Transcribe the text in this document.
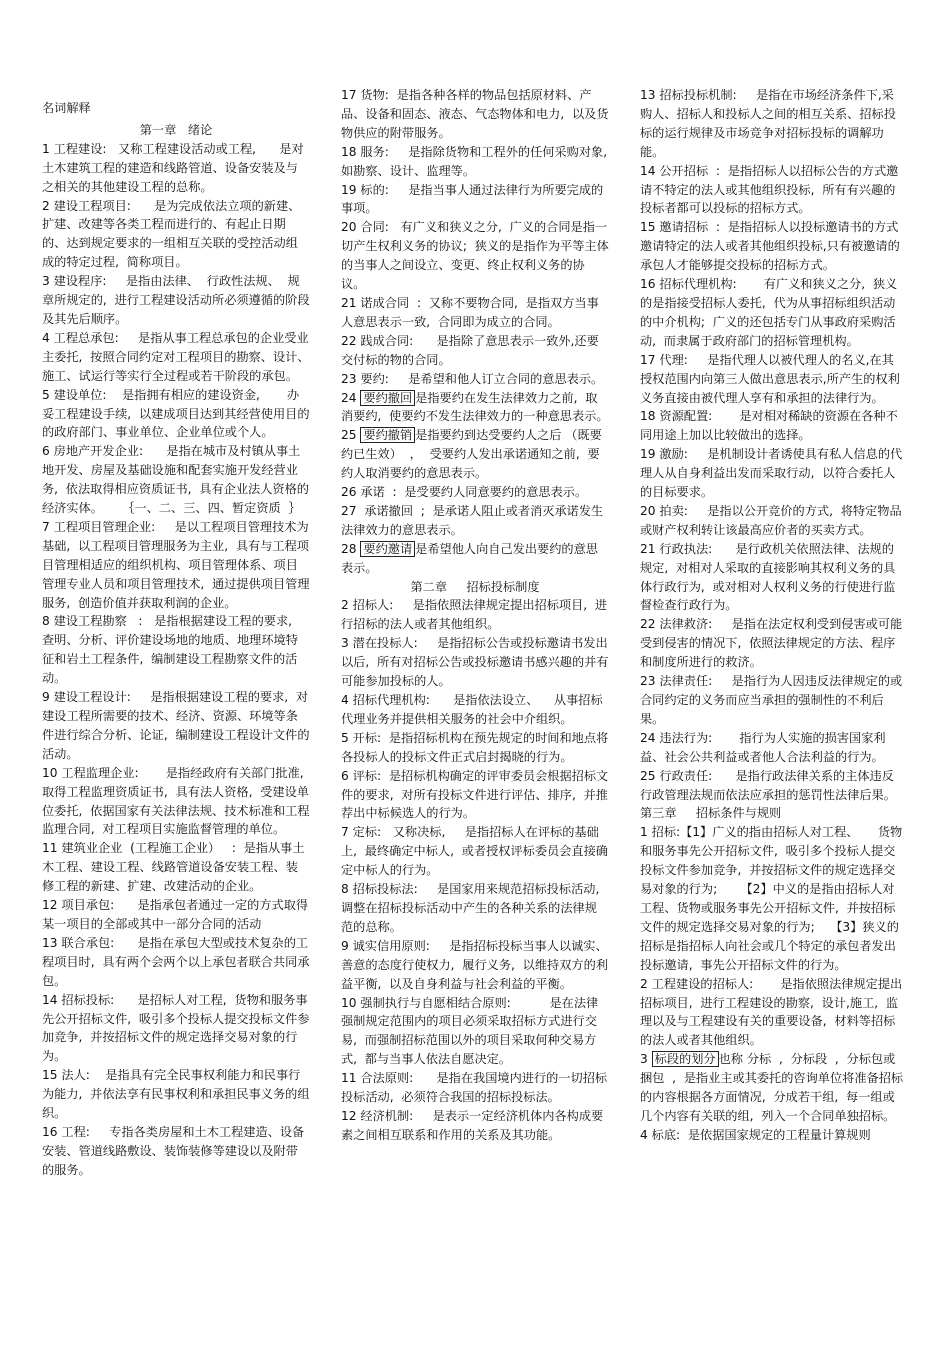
名词解释

第一章   绪论

1 工程建设:   又称工程建设活动或工程,      是对土木建筑工程的建造和线路管道、设备安装及与之相关的其他建设工程的总称。

2 建设工程项目:      是为完成依法立项的新建、扩建、改建等各类工程而进行的、有起止日期的、达到规定要求的一组相互关联的受控活动组成的特定过程,  简称项目。

3 建设程序:     是指由法律、  行政性法规、  规章所规定的,  进行工程建设活动所必须遵循的阶段及其先后顺序。

4 工程总承包:     是指从事工程总承包的企业受业主委托,  按照合同约定对工程项目的勘察、设计、施工、试运行等实行全过程或若干阶段的承包。

5 建设单位:    是指拥有相应的建设资金,       办妥工程建设手续,  以建成项目达到其经营使用目的的政府部门、事业单位、企业单位或个人。

6 房地产开发企业:      是指在城市及村镇从事土地开发、房屋及基础设施和配套实施开发经营业务,  依法取得相应资质证书,  具有企业法人资格的经济实体。     ｛一、二、三、四、暂定资质  ｝

7 工程项目管理企业:     是以工程项目管理技术为基础,  以工程项目管理服务为主业,  具有与工程项目管理相适应的组织机构、项目管理体系、项目管理专业人员和项目管理技术,  通过提供项目管理服务,  创造价值并获取利润的企业。

8 建设工程勘察   :   是指根据建设工程的要求,  查明、分析、评价建设场地的地质、地理环境特征和岩土工程条件,  编制建设工程勘察文件的活动。

9 建设工程设计:     是指根据建设工程的要求,  对建设工程所需要的技术、经济、资源、环境等条件进行综合分析、论证,  编制建设工程设计文件的活动。

10 工程监理企业:       是指经政府有关部门批准,  取得工程监理资质证书,  具有法人资格,  受建设单位委托,  依据国家有关法律法规、技术标准和工程监理合同,  对工程项目实施监督管理的单位。

11 建筑业企业  (工程施工企业）   :  是指从事土木工程、建设工程、线路管道设备安装工程、装修工程的新建、扩建、改建活动的企业。

12 项目承包:      是指承包者通过一定的方式取得某一项目的全部或其中一部分合同的活动

13 联合承包:      是指在承包大型或技术复杂的工程项目时,  具有两个会两个以上承包者联合共同承包。

14 招标投标:      是招标人对工程,  货物和服务事先公开招标文件,  吸引多个投标人提交投标文件参加竞争,  并按招标文件的规定选择交易对象的行为。

15 法人:    是指具有完全民事权利能力和民事行为能力,  并依法享有民事权利和承担民事义务的组织。

16 工程:     专指各类房屋和土木工程建造、设备安装、管道线路敷设、装饰装修等建设以及附带的服务。

17 货物:  是指各种各样的物品包括原材料、产品、设备和固态、液态、气态物体和电力,  以及货物供应的附带服务。

18 服务:     是指除货物和工程外的任何采购对象,  如勘察、设计、监理等。

19 标的:     是指当事人通过法律行为所要完成的事项。

20 合同:   有广义和狭义之分,  广义的合同是指一切产生权利义务的协议;  狭义的是指作为平等主体的当事人之间设立、变更、终止权利义务的协议。

21 诺成合同  :  又称不要物合同,  是指双方当事人意思表示一致,  合同即为成立的合同。

22 践成合同:      是指除了意思表示一致外,还要交付标的物的合同。

23 要约:     是希望和他人订立合同的意思表示。

24 要约撤回 是指要约在发生法律效力之前,  取消要约,  使要约不发生法律效力的一种意思表示。

25 要约撤销 是指要约到达受要约人之后 （既要约已生效）  ，  受要约人发出承诺通知之前,  要约人取消要约的意思表示。

26 承诺  :  是受要约人同意要约的意思表示。

27  承诺撤回  ;  是承诺人阻止或者消灭承诺发生法律效力的意思表示。

28 要约邀请 是希望他人向自己发出要约的意思表示。

第二章     招标投标制度

2 招标人:     是指依照法律规定提出招标项目,  进行招标的法人或者其他组织。

3 潜在投标人:     是指招标公告或投标邀请书发出以后,  所有对招标公告或投标邀请书感兴趣的并有可能参加投标的人。

4 招标代理机构:      是指依法设立、    从事招标代理业务并提供相关服务的社会中介组织。

5 开标:  是指招标机构在预先规定的时间和地点将各投标人的投标文件正式启封揭晓的行为。

6 评标:  是招标机构确定的评审委员会根据招标文件的要求,  对所有投标文件进行评估、排序,  并推荐出中标候选人的行为。

7 定标:   又称决标,     是指招标人在评标的基础上,  最终确定中标人,  或者授权评标委员会直接确定中标人的行为。

8 招标投标法:     是国家用来规范招标投标活动,  调整在招标投标活动中产生的各种关系的法律规范的总称。

9 诚实信用原则:     是指招标投标当事人以诚实、善意的态度行使权力,  履行义务,  以维持双方的利益平衡,  以及自身利益与社会利益的平衡。

10 强制执行与自愿相结合原则:          是在法律强制规定范围内的项目必须采取招标方式进行交易,  而强制招标范围以外的项目采取何种交易方式,  都与当事人依法自愿决定。

11 合法原则:      是指在我国境内进行的一切招标投标活动,  必须符合我国的招标投标法。

12 经济机制:     是表示一定经济机体内各构成要素之间相互联系和作用的关系及其功能。

13 招标投标机制:     是指在市场经济条件下,采购人、招标人和投标人之间的相互关系、招标投标的运行规律及市场竞争对招标投标的调解功能。

14 公开招标  :  是指招标人以招标公告的方式邀请不特定的法人或其他组织投标,  所有有兴趣的投标者都可以投标的招标方式。

15 邀请招标  :  是指招标人以投标邀请书的方式邀请特定的法人或者其他组织投标,只有被邀请的承包人才能够提交投标的招标方式。

16 招标代理机构:       有广义和狭义之分,  狭义的是指接受招标人委托,  代为从事招标组织活动的中介机构;  广义的还包括专门从事政府采购活动,  而隶属于政府部门的招标管理机构。

17 代理:     是指代理人以被代理人的名义,在其授权范围内向第三人做出意思表示,所产生的权利义务直接由被代理人享有和承担的法律行为。

18 资源配置:       是对相对稀缺的资源在各种不同用途上加以比较做出的选择。

19 激励:     是机制设计者诱使具有私人信息的代理人从自身利益出发而采取行动,  以符合委托人的目标要求。

20 拍卖:     是指以公开竞价的方式,  将特定物品或财产权利转让该最高应价者的买卖方式。

21 行政执法:      是行政机关依照法律、法规的规定,  对相对人采取的直接影响其权利义务的具体行政行为,  或对相对人权利义务的行使进行监督检查行政行为。

22 法律救济:     是指在法定权利受到侵害或可能受到侵害的情况下,  依照法律规定的方法、程序和制度所进行的救济。

23 法律责任:     是指行为人因违反法律规定的或合同约定的义务而应当承担的强制性的不利后果。

24 违法行为:       指行为人实施的损害国家利益、社会公共利益或者他人合法利益的行为。

25 行政责任:      是指行政法律关系的主体违反行政管理法规而依法应承担的惩罚性法律后果。

第三章     招标条件与规则

1 招标:【1】广义的指由招标人对工程、     货物和服务事先公开招标文件,  吸引多个投标人提交投标文件参加竞争,  并按招标文件的规定选择交易对象的行为;      【2】中义的是指由招标人对工程、货物或服务事先公开招标文件,  并按招标文件的规定选择交易对象的行为;    【3】狭义的招标是指招标人向社会或几个特定的承包者发出投标邀请,  事先公开招标文件的行为。

2 工程建设的招标人:       是指依照法律规定提出招标项目,  进行工程建设的勘察,  设计,施工,  监理以及与工程建设有关的重要设备,  材料等招标的法人或者其他组织。

3 标段的划分 也称 分标  ,  分标段  ,  分标包或捆包  ,  是指业主或其委托的咨询单位将准备招标的内容根据各方面情况,  分成若干组,  每一组或几个内容有关联的组,  列入一个合同单独招标。

4 标底:  是依据国家规定的工程量计算规则
